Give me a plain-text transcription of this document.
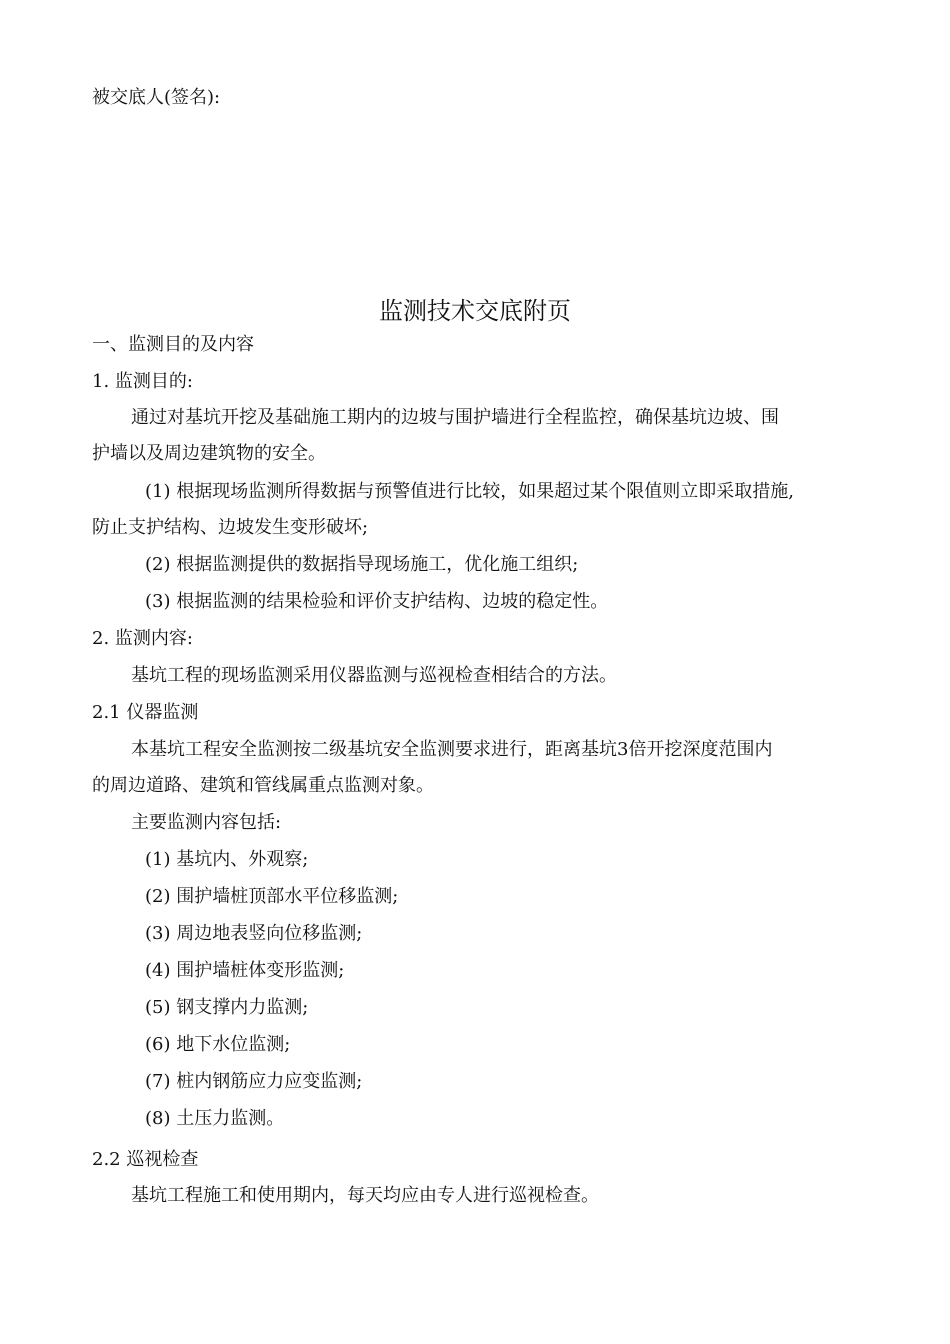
被交底人(签名):
监测技术交底附页
一、监测目的及内容
1. 监测目的:
通过对基坑开挖及基础施工期内的边坡与围护墙进行全程监控，确保基坑边坡、围
护墙以及周边建筑物的安全。
(1) 根据现场监测所得数据与预警值进行比较，如果超过某个限值则立即采取措施,
防止支护结构、边坡发生变形破坏;
(2) 根据监测提供的数据指导现场施工，优化施工组织;
(3) 根据监测的结果检验和评价支护结构、边坡的稳定性。
2. 监测内容:
基坑工程的现场监测采用仪器监测与巡视检查相结合的方法。
2.1 仪器监测
本基坑工程安全监测按二级基坑安全监测要求进行，距离基坑3倍开挖深度范围内
的周边道路、建筑和管线属重点监测对象。
主要监测内容包括:
(1) 基坑内、外观察;
(2) 围护墙桩顶部水平位移监测;
(3) 周边地表竖向位移监测;
(4) 围护墙桩体变形监测;
(5) 钢支撑内力监测;
(6) 地下水位监测;
(7) 桩内钢筋应力应变监测;
(8) 土压力监测。
2.2 巡视检查
基坑工程施工和使用期内，每天均应由专人进行巡视检查。
